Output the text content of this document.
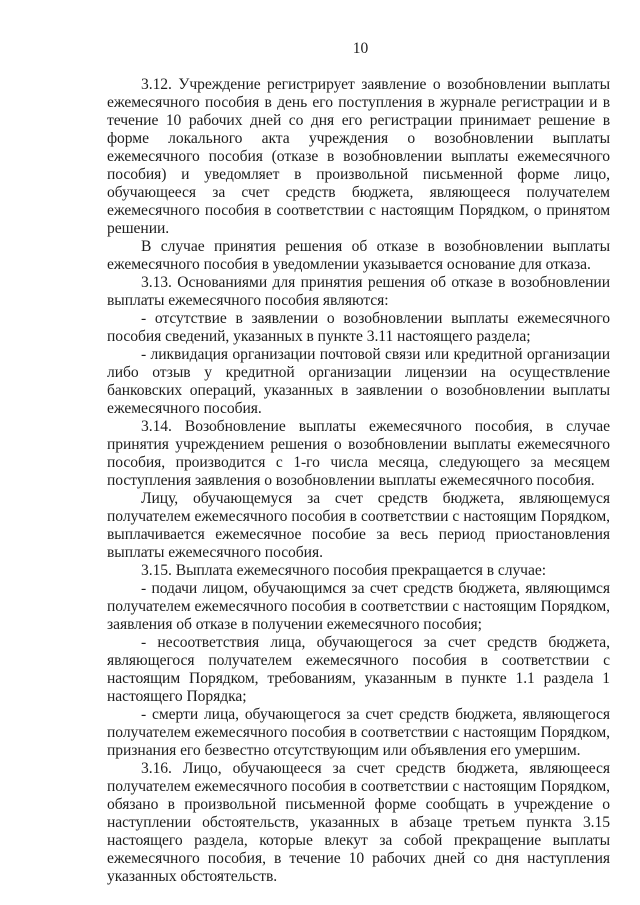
10

3.12. Учреждение регистрирует заявление о возобновлении выплаты ежемесячного пособия в день его поступления в журнале регистрации и в течение 10 рабочих дней со дня его регистрации принимает решение в форме локального акта учреждения о возобновлении выплаты ежемесячного пособия (отказе в возобновлении выплаты ежемесячного пособия) и уведомляет в произвольной письменной форме лицо, обучающееся за счет средств бюджета, являющееся получателем ежемесячного пособия в соответствии с настоящим Порядком, о принятом решении.

В случае принятия решения об отказе в возобновлении выплаты ежемесячного пособия в уведомлении указывается основание для отказа.

3.13. Основаниями для принятия решения об отказе в возобновлении выплаты ежемесячного пособия являются:

- отсутствие в заявлении о возобновлении выплаты ежемесячного пособия сведений, указанных в пункте 3.11 настоящего раздела;

- ликвидация организации почтовой связи или кредитной организации либо отзыв у кредитной организации лицензии на осуществление банковских операций, указанных в заявлении о возобновлении выплаты ежемесячного пособия.

3.14. Возобновление выплаты ежемесячного пособия, в случае принятия учреждением решения о возобновлении выплаты ежемесячного пособия, производится с 1-го числа месяца, следующего за месяцем поступления заявления о возобновлении выплаты ежемесячного пособия.

Лицу, обучающемуся за счет средств бюджета, являющемуся получателем ежемесячного пособия в соответствии с настоящим Порядком, выплачивается ежемесячное пособие за весь период приостановления выплаты ежемесячного пособия.

3.15. Выплата ежемесячного пособия прекращается в случае:

- подачи лицом, обучающимся за счет средств бюджета, являющимся получателем ежемесячного пособия в соответствии с настоящим Порядком, заявления об отказе в получении ежемесячного пособия;

- несоответствия лица, обучающегося за счет средств бюджета, являющегося получателем ежемесячного пособия в соответствии с настоящим Порядком, требованиям, указанным в пункте 1.1 раздела 1 настоящего Порядка;

- смерти лица, обучающегося за счет средств бюджета, являющегося получателем ежемесячного пособия в соответствии с настоящим Порядком, признания его безвестно отсутствующим или объявления его умершим.

3.16. Лицо, обучающееся за счет средств бюджета, являющееся получателем ежемесячного пособия в соответствии с настоящим Порядком, обязано в произвольной письменной форме сообщать в учреждение о наступлении обстоятельств, указанных в абзаце третьем пункта 3.15 настоящего раздела, которые влекут за собой прекращение выплаты ежемесячного пособия, в течение 10 рабочих дней со дня наступления указанных обстоятельств.
